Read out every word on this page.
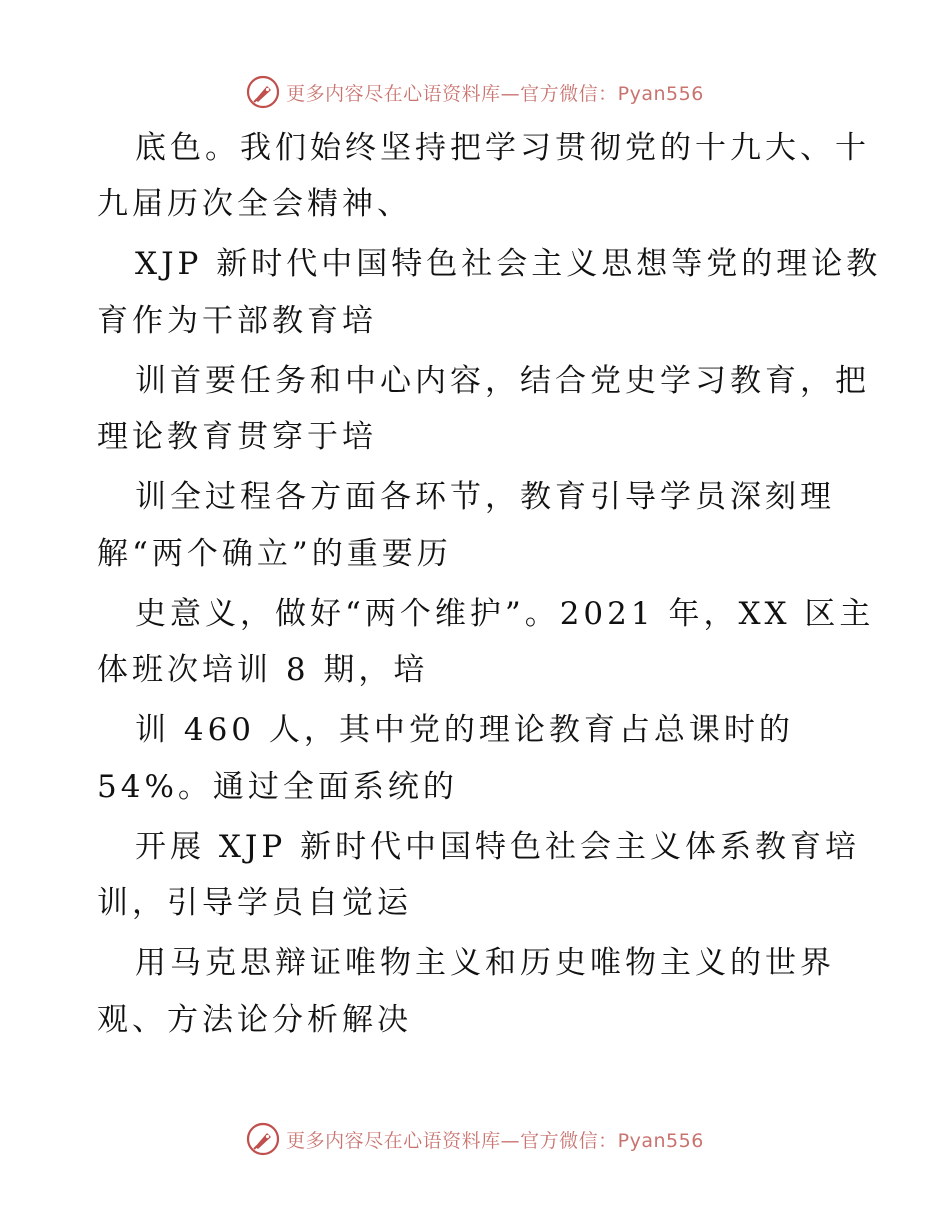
更多内容尽在心语资料库—官方微信：Pyan556
底色。我们始终坚持把学习贯彻党的十九大、十
九届历次全会精神、
XJP 新时代中国特色社会主义思想等党的理论教
育作为干部教育培
训首要任务和中心内容，结合党史学习教育，把
理论教育贯穿于培
训全过程各方面各环节，教育引导学员深刻理
解“两个确立”的重要历
史意义，做好“两个维护”。2021 年，XX 区主
体班次培训 8 期，培
训 460 人，其中党的理论教育占总课时的
54%。通过全面系统的
开展 XJP 新时代中国特色社会主义体系教育培
训，引导学员自觉运
用马克思辩证唯物主义和历史唯物主义的世界
观、方法论分析解决
更多内容尽在心语资料库—官方微信：Pyan556
